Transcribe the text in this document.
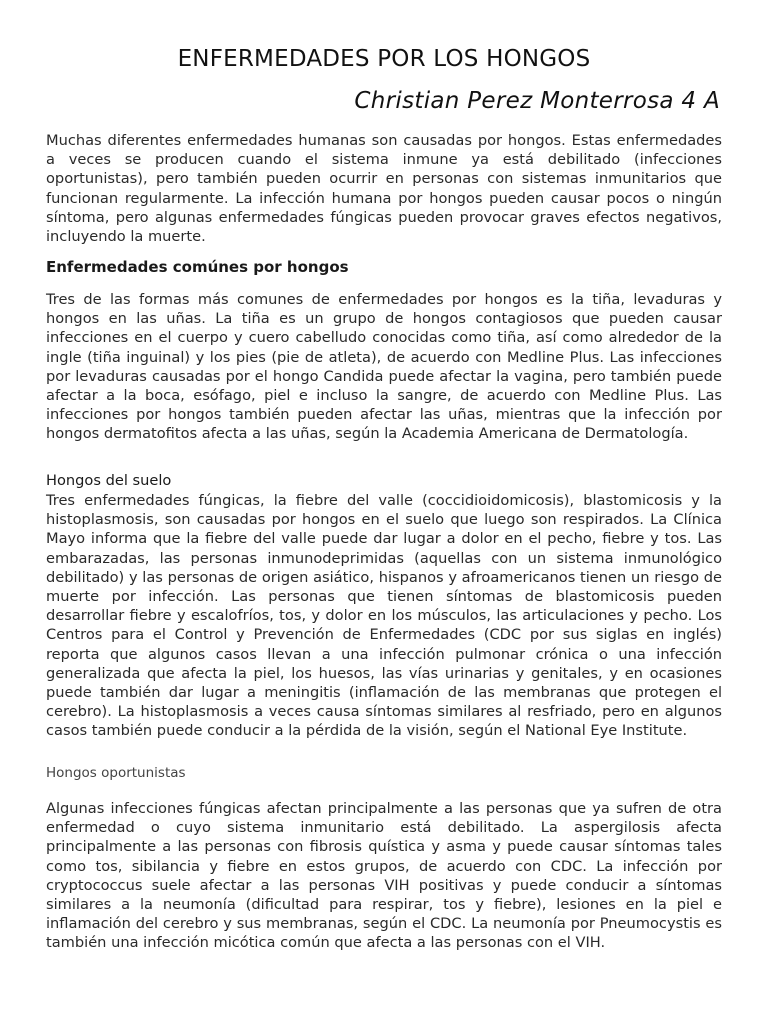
ENFERMEDADES POR LOS HONGOS
Christian Perez Monterrosa 4 A

Muchas diferentes enfermedades humanas son causadas por hongos. Estas enfermedades a veces se producen cuando el sistema inmune ya está debilitado (infecciones oportunistas), pero también pueden ocurrir en personas con sistemas inmunitarios que funcionan regularmente. La infección humana por hongos pueden causar pocos o ningún síntoma, pero algunas enfermedades fúngicas pueden provocar graves efectos negativos, incluyendo la muerte.

Enfermedades comúnes por hongos

Tres de las formas más comunes de enfermedades por hongos es la tiña, levaduras y hongos en las uñas. La tiña es un grupo de hongos contagiosos que pueden causar infecciones en el cuerpo y cuero cabelludo conocidas como tiña, así como alrededor de la ingle (tiña inguinal) y los pies (pie de atleta), de acuerdo con Medline Plus. Las infecciones por levaduras causadas por el hongo Candida puede afectar la vagina, pero también puede afectar a la boca, esófago, piel e incluso la sangre, de acuerdo con Medline Plus. Las infecciones por hongos también pueden afectar las uñas, mientras que la infección por hongos dermatofitos afecta a las uñas, según la Academia Americana de Dermatología.

Hongos del suelo

Tres enfermedades fúngicas, la fiebre del valle (coccidioidomicosis), blastomicosis y la histoplasmosis, son causadas por hongos en el suelo que luego son respirados. La Clínica Mayo informa que la fiebre del valle puede dar lugar a dolor en el pecho, fiebre y tos. Las embarazadas, las personas inmunodeprimidas (aquellas con un sistema inmunológico debilitado) y las personas de origen asiático, hispanos y afroamericanos tienen un riesgo de muerte por infección. Las personas que tienen síntomas de blastomicosis pueden desarrollar fiebre y escalofríos, tos, y dolor en los músculos, las articulaciones y pecho. Los Centros para el Control y Prevención de Enfermedades (CDC por sus siglas en inglés) reporta que algunos casos llevan a una infección pulmonar crónica o una infección generalizada que afecta la piel, los huesos, las vías urinarias y genitales, y en ocasiones puede también dar lugar a meningitis (inflamación de las membranas que protegen el cerebro). La histoplasmosis a veces causa síntomas similares al resfriado, pero en algunos casos también puede conducir a la pérdida de la visión, según el National Eye Institute.

Hongos oportunistas

Algunas infecciones fúngicas afectan principalmente a las personas que ya sufren de otra enfermedad o cuyo sistema inmunitario está debilitado. La aspergilosis afecta principalmente a las personas con fibrosis quística y asma y puede causar síntomas tales como tos, sibilancia y fiebre en estos grupos, de acuerdo con CDC. La infección por cryptococcus suele afectar a las personas VIH positivas y puede conducir a síntomas similares a la neumonía (dificultad para respirar, tos y fiebre), lesiones en la piel e inflamación del cerebro y sus membranas, según el CDC. La neumonía por Pneumocystis es también una infección micótica común que afecta a las personas con el VIH.
